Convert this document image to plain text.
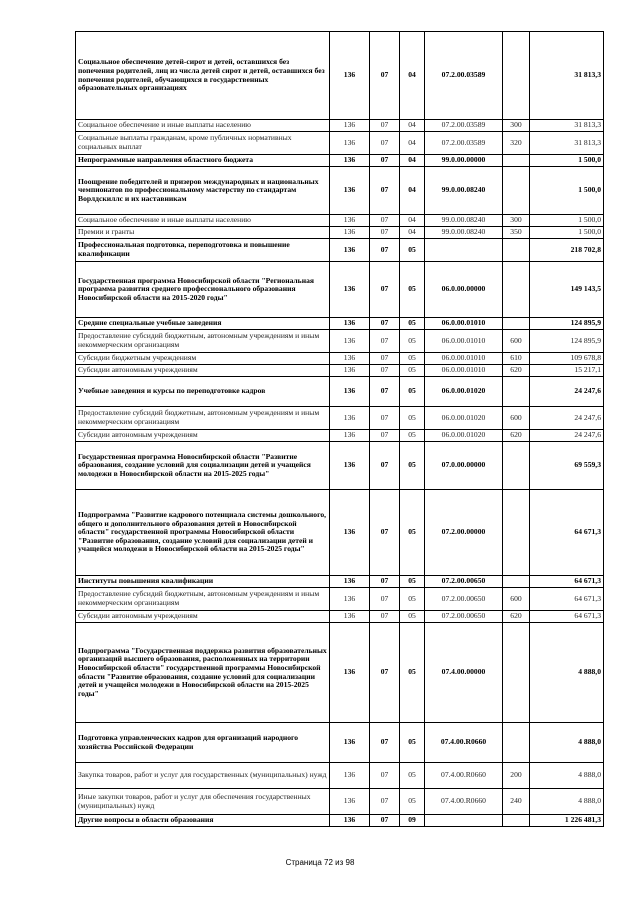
Социальное обеспечение детей-сирот и детей, оставшихся без попечения родителей, лиц из числа детей сирот и детей, оставшихся без попечения родителей, обучающихся в государственных образовательных организациях	136	07	04	07.2.00.03589		31 813,3
Социальное обеспечение и иные выплаты населению	136	07	04	07.2.00.03589	300	31 813,3
Социальные выплаты гражданам, кроме публичных нормативных социальных выплат	136	07	04	07.2.00.03589	320	31 813,3
Непрограммные направления областного бюджета	136	07	04	99.0.00.00000		1 500,0
Поощрение победителей и призеров международных и национальных чемпионатов по профессиональному мастерству по стандартам Ворлдскиллс и их наставникам	136	07	04	99.0.00.08240		1 500,0
Социальное обеспечение и иные выплаты населению	136	07	04	99.0.00.08240	300	1 500,0
Премии и гранты	136	07	04	99.0.00.08240	350	1 500,0
Профессиональная подготовка, переподготовка и повышение квалификации	136	07	05			218 702,8
Государственная программа Новосибирской области "Региональная программа развития среднего профессионального образования Новосибирской области на 2015-2020 годы"	136	07	05	06.0.00.00000		149 143,5
Средние специальные учебные заведения	136	07	05	06.0.00.01010		124 895,9
Предоставление субсидий бюджетным, автономным учреждениям и иным некоммерческим организациям	136	07	05	06.0.00.01010	600	124 895,9
Субсидии бюджетным учреждениям	136	07	05	06.0.00.01010	610	109 678,8
Субсидии автономным учреждениям	136	07	05	06.0.00.01010	620	15 217,1
Учебные заведения и курсы по переподготовке кадров	136	07	05	06.0.00.01020		24 247,6
Предоставление субсидий бюджетным, автономным учреждениям и иным некоммерческим организациям	136	07	05	06.0.00.01020	600	24 247,6
Субсидии автономным учреждениям	136	07	05	06.0.00.01020	620	24 247,6
Государственная программа Новосибирской области "Развитие образования, создание условий для социализации детей и учащейся молодежи в Новосибирской области на 2015-2025 годы"	136	07	05	07.0.00.00000		69 559,3
Подпрограмма "Развитие кадрового потенциала системы дошкольного, общего и дополнительного образования детей в Новосибирской области" государственной программы Новосибирской области "Развитие образования, создание условий для социализации детей и учащейся молодежи в Новосибирской области на 2015-2025 годы"	136	07	05	07.2.00.00000		64 671,3
Институты повышения квалификации	136	07	05	07.2.00.00650		64 671,3
Предоставление субсидий бюджетным, автономным учреждениям и иным некоммерческим организациям	136	07	05	07.2.00.00650	600	64 671,3
Субсидии автономным учреждениям	136	07	05	07.2.00.00650	620	64 671,3
Подпрограмма "Государственная поддержка развития образовательных организаций высшего образования, расположенных на территории Новосибирской области" государственной программы Новосибирской области "Развитие образования, создание условий для социализации детей и учащейся молодежи в Новосибирской области на 2015-2025 годы"	136	07	05	07.4.00.00000		4 888,0
Подготовка управленческих кадров для организаций народного хозяйства Российской Федерации	136	07	05	07.4.00.R0660		4 888,0
Закупка товаров, работ и услуг для государственных (муниципальных) нужд	136	07	05	07.4.00.R0660	200	4 888,0
Иные закупки товаров, работ и услуг для обеспечения государственных (муниципальных) нужд	136	07	05	07.4.00.R0660	240	4 888,0
Другие вопросы в области образования	136	07	09			1 226 481,3
Страница 72 из 98
